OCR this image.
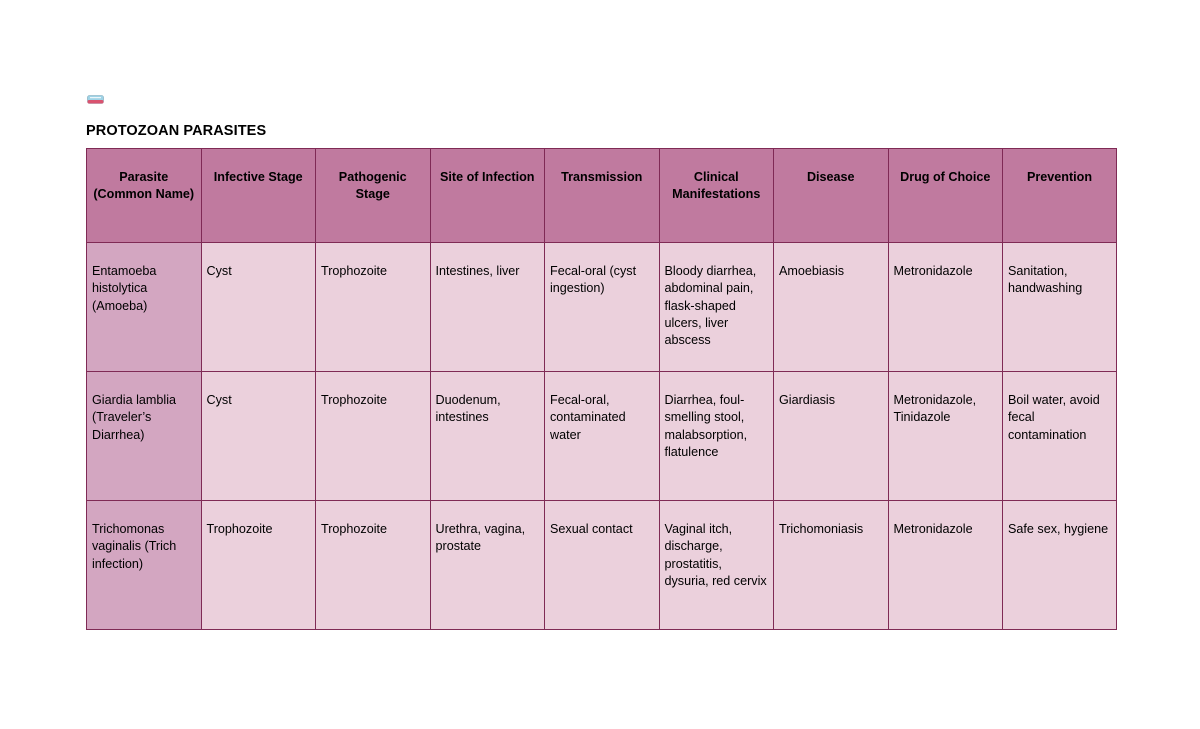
PROTOZOAN PARASITES
Parasite (Common Name)	Infective Stage	Pathogenic Stage	Site of Infection	Transmission	Clinical Manifestations	Disease	Drug of Choice	Prevention
Entamoeba histolytica (Amoeba)	Cyst	Trophozoite	Intestines, liver	Fecal-oral (cyst ingestion)	Bloody diarrhea, abdominal pain, flask-shaped ulcers, liver abscess	Amoebiasis	Metronidazole	Sanitation, handwashing
Giardia lamblia (Traveler’s Diarrhea)	Cyst	Trophozoite	Duodenum, intestines	Fecal-oral, contaminated water	Diarrhea, foul-smelling stool, malabsorption, flatulence	Giardiasis	Metronidazole, Tinidazole	Boil water, avoid fecal contamination
Trichomonas vaginalis (Trich infection)	Trophozoite	Trophozoite	Urethra, vagina, prostate	Sexual contact	Vaginal itch, discharge, prostatitis, dysuria, red cervix	Trichomoniasis	Metronidazole	Safe sex, hygiene
